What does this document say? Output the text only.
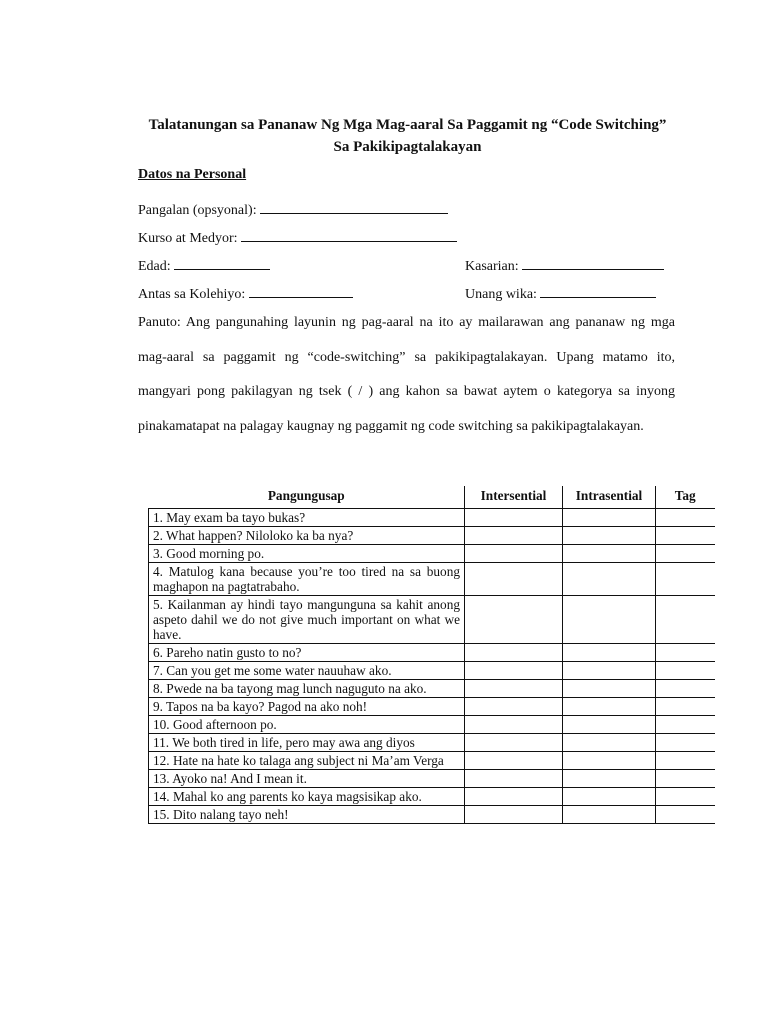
Talatanungan sa Pananaw Ng Mga Mag-aaral Sa Paggamit ng “Code Switching” Sa Pakikipagtalakayan
Datos na Personal
Pangalan (opsyonal):
Kurso at Medyor:
Edad:	Kasarian:
Antas sa Kolehiyo:	Unang wika:
Panuto: Ang pangunahing layunin ng pag-aaral na ito ay mailarawan ang pananaw ng mga mag-aaral sa paggamit ng “code-switching” sa pakikipagtalakayan. Upang matamo ito, mangyari pong pakilagyan ng tsek ( / ) ang kahon sa bawat aytem o kategorya sa inyong pinakamatapat na palagay kaugnay ng paggamit ng code switching sa pakikipagtalakayan.
Pangungusap	Intersential	Intrasential	Tag
1. May exam ba tayo bukas?			
2. What happen? Niloloko ka ba nya?			
3. Good morning po.			
4. Matulog kana because you’re too tired na sa buong maghapon na pagtatrabaho.			
5. Kailanman ay hindi tayo mangunguna sa kahit anong aspeto dahil we do not give much important on what we have.			
6. Pareho natin gusto to no?			
7. Can you get me some water nauuhaw ako.			
8. Pwede na ba tayong mag lunch naguguto na ako.			
9. Tapos na ba kayo? Pagod na ako noh!			
10. Good afternoon po.			
11. We both tired in life, pero may awa ang diyos			
12. Hate na hate ko talaga ang subject ni Ma’am Verga			
13. Ayoko na! And I mean it.			
14. Mahal ko ang parents ko kaya magsisikap ako.			
15. Dito nalang tayo neh!			
